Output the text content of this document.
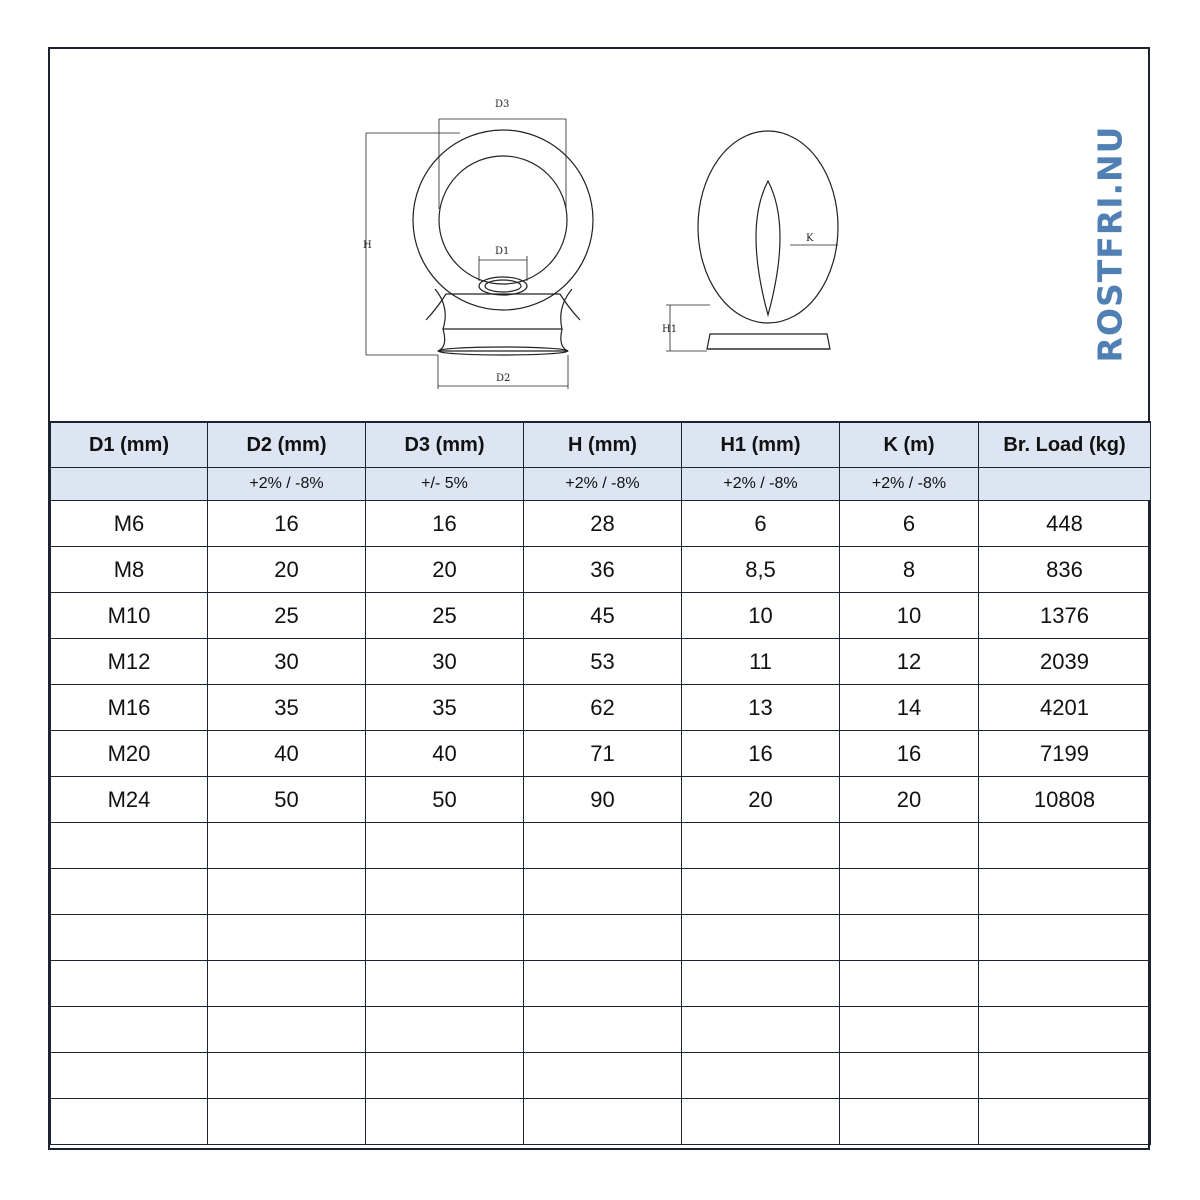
D3
D1
D2
H
H1
K	ROSTFRI.NU
D1 (mm)	D2 (mm)	D3 (mm)	H (mm)	H1 (mm)	K (m)	Br. Load (kg)
	+2% / -8%	+/- 5%	+2% / -8%	+2% / -8%	+2% / -8%	
M6	16	16	28	6	6	448
M8	20	20	36	8,5	8	836
M10	25	25	45	10	10	1376
M12	30	30	53	11	12	2039
M16	35	35	62	13	14	4201
M20	40	40	71	16	16	7199
M24	50	50	90	20	20	10808
